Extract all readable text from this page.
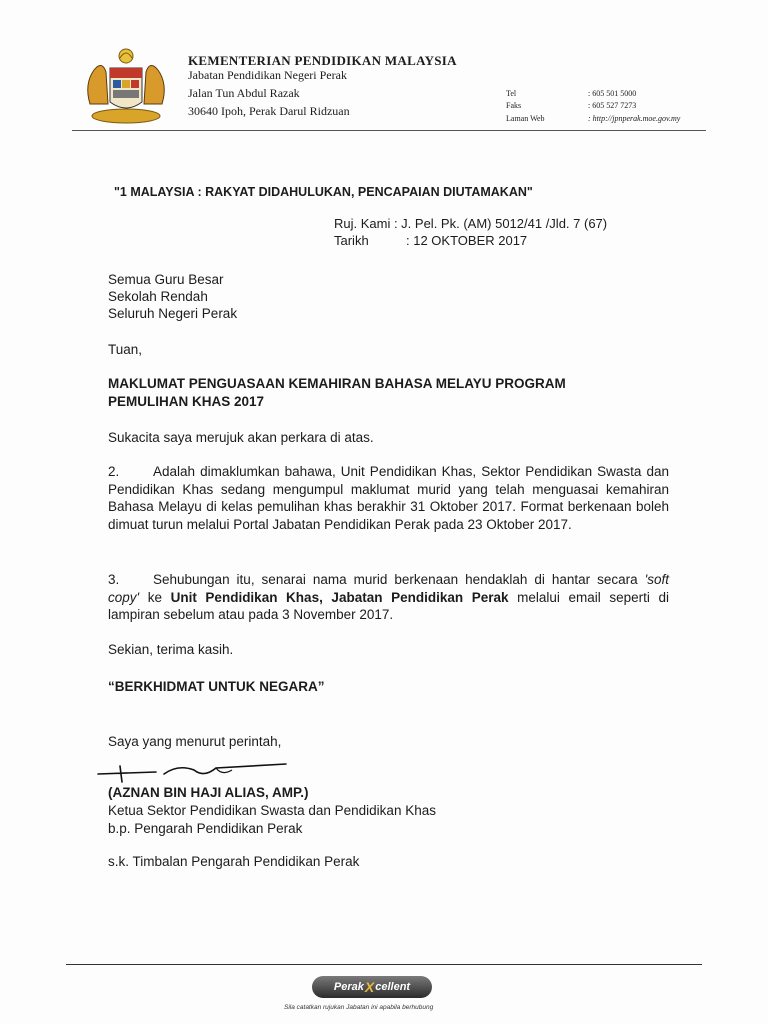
KEMENTERIAN PENDIDIKAN MALAYSIA
Jabatan Pendidikan Negeri Perak
Jalan Tun Abdul Razak
30640 Ipoh, Perak Darul Ridzuan
Tel	: 605 501 5000
Faks	: 605 527 7273
Laman Web	: http://jpnperak.moe.gov.my
"1 MALAYSIA : RAKYAT DIDAHULUKAN, PENCAPAIAN DIUTAMAKAN"
Ruj. Kami : J. Pel. Pk. (AM) 5012/41 /Jld. 7 (67)
Tarikh	: 12 OKTOBER 2017
Semua Guru Besar
Sekolah Rendah
Seluruh Negeri Perak
Tuan,
MAKLUMAT PENGUASAAN KEMAHIRAN BAHASA MELAYU PROGRAM PEMULIHAN KHAS 2017
Sukacita saya merujuk akan perkara di atas.
2. Adalah dimaklumkan bahawa, Unit Pendidikan Khas, Sektor Pendidikan Swasta dan Pendidikan Khas sedang mengumpul maklumat murid yang telah menguasai kemahiran Bahasa Melayu di kelas pemulihan khas berakhir 31 Oktober 2017. Format berkenaan boleh dimuat turun melalui Portal Jabatan Pendidikan Perak pada 23 Oktober 2017.
3. Sehubungan itu, senarai nama murid berkenaan hendaklah di hantar secara 'soft copy' ke Unit Pendidikan Khas, Jabatan Pendidikan Perak melalui email seperti di lampiran sebelum atau pada 3 November 2017.
Sekian, terima kasih.
“BERKHIDMAT UNTUK NEGARA”
Saya yang menurut perintah,
(AZNAN BIN HAJI ALIAS, AMP.)
Ketua Sektor Pendidikan Swasta dan Pendidikan Khas
b.p. Pengarah Pendidikan Perak
s.k. Timbalan Pengarah Pendidikan Perak
Perak X cellent
Sila catatkan rujukan Jabatan ini apabila berhubung
